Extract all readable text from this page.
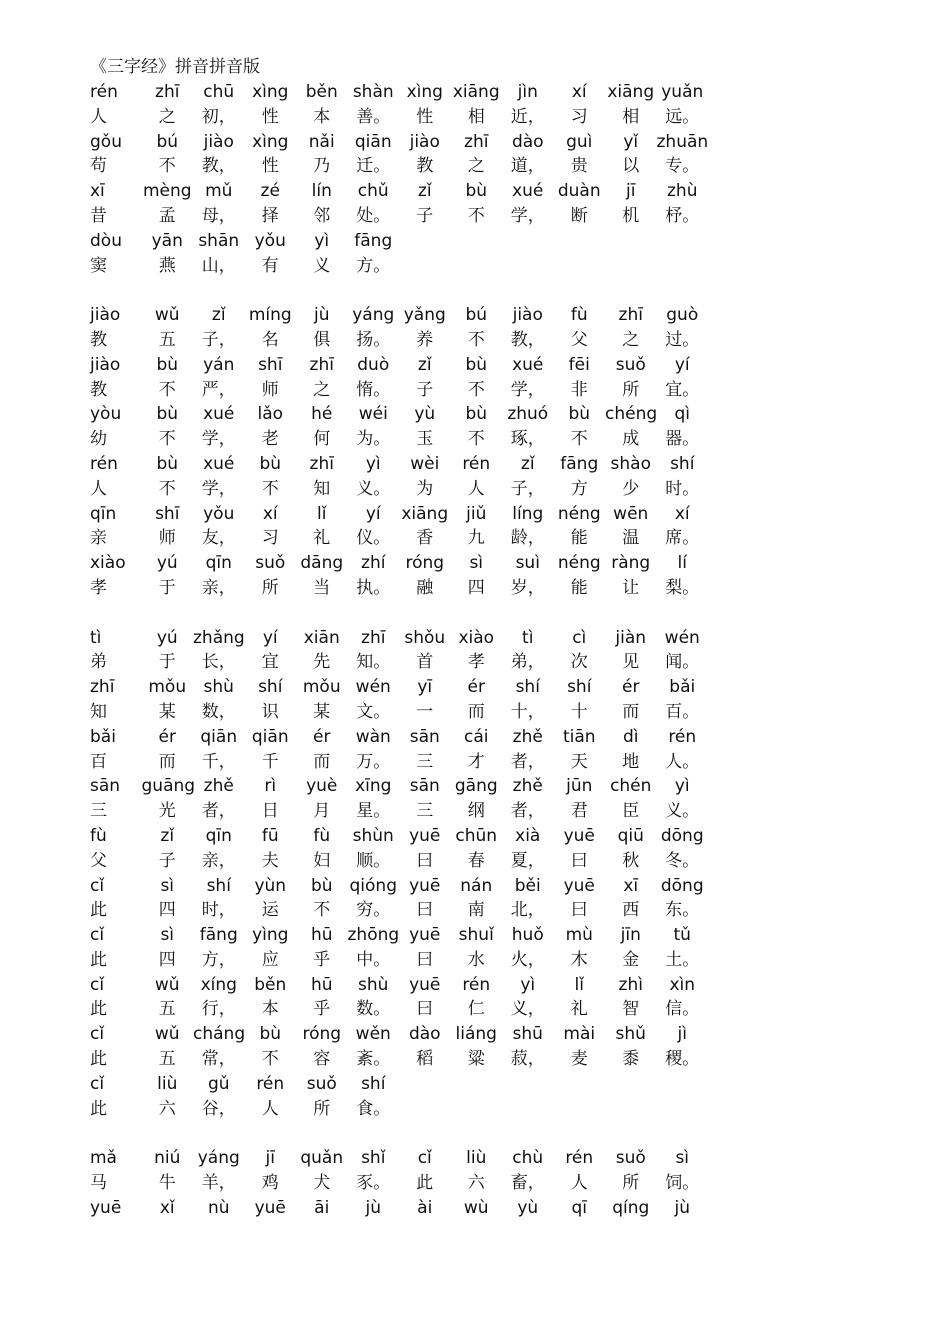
《三字经》拼音拼音版
rén	zhī	chū	xìng	běn shàn xìng xiāng	jìn	xí	xiāng yuǎn
人	之	初，	性	本	善。	性	相	近，	习	相	远。
gǒu	bú	jiào	xìng	nǎi	qiān	jiào	zhī	dào	guì	yǐ	zhuān
苟	不	教，	性	乃	迁。	教	之	道，	贵	以	专。
xī	mèng mǔ	zé	lín	chǔ	zǐ	bù	xué duàn	jī	zhù
昔	孟	母，	择	邻	处。	子	不	学，	断	机	杼。
dòu	yān shān yǒu	yì	fāng
窦	燕	山，	有	义	方。
jiào	wǔ	zǐ	míng	jù	yáng yǎng	bú	jiào	fù	zhī	guò
教	五	子，	名	俱	扬。	养	不	教，	父	之	过。
jiào	bù	yán	shī	zhī	duò	zǐ	bù	xué	fēi	suǒ	yí
教	不	严，	师	之	惰。	子	不	学，	非	所	宜。
yòu	bù	xué	lǎo	hé	wéi	yù	bù	zhuó	bù chéng	qì
幼	不	学，	老	何	为。	玉	不	琢，	不	成	器。
rén	bù	xué	bù	zhī	yì	wèi	rén	zǐ	fāng shào	shí
人	不	学，	不	知	义。	为	人	子，	方	少	时。
qīn	shī	yǒu	xí	lǐ	yí	xiāng	jiǔ	líng néng wēn	xí
亲	师	友，	习	礼	仪。	香	九	龄，	能	温	席。
xiào	yú	qīn	suǒ dāng	zhí	róng	sì	suì	néng ràng	lí
孝	于	亲，	所	当	执。	融	四	岁，	能	让	梨。
tì	yú zhǎng	yí	xiān	zhī	shǒu xiào	tì	cì	jiàn	wén
弟	于	长，	宜	先	知。	首	孝	弟，	次	见	闻。
zhī	mǒu	shù	shí	mǒu wén	yī	ér	shí	shí	ér	bǎi
知	某	数，	识	某	文。	一	而	十，	十	而	百。
bǎi	ér	qiān qiān	ér	wàn	sān	cái	zhě	tiān	dì	rén
百	而	千，	千	而	万。	三	才	者，	天	地	人。
sān	guāng zhě	rì	yuè	xīng	sān gāng zhě	jūn	chén	yì
三	光	者，	日	月	星。	三	纲	者，	君	臣	义。
fù	zǐ	qīn	fū	fù	shùn yuē chūn	xià	yuē	qiū dōng
父	子	亲，	夫	妇	顺。	曰	春	夏，	曰	秋	冬。
cǐ	sì	shí	yùn	bù qióng yuē	nán	běi	yuē	xī	dōng
此	四	时，	运	不	穷。	曰	南	北，	曰	西	东。
cǐ	sì	fāng yìng	hū zhōng yuē	shuǐ	huǒ	mù	jīn	tǔ
此	四	方，	应	乎	中。	曰	水	火，	木	金	土。
cǐ	wǔ	xíng	běn	hū	shù	yuē	rén	yì	lǐ	zhì	xìn
此	五	行，	本	乎	数。	曰	仁	义，	礼	智	信。
cǐ	wǔ cháng bù	róng wěn	dào liáng shū	mài	shǔ	jì
此	五	常，	不	容	紊。	稻	粱	菽，	麦	黍	稷。
cǐ	liù	gǔ	rén	suǒ	shí
此	六	谷，	人	所	食。
mǎ	niú	yáng	jī	quǎn	shǐ	cǐ	liù	chù	rén	suǒ	sì
马	牛	羊，	鸡	犬	豕。	此	六	畜，	人	所	饲。
yuē	xǐ	nù	yuē	āi	jù	ài	wù	yù	qī	qíng	jù
